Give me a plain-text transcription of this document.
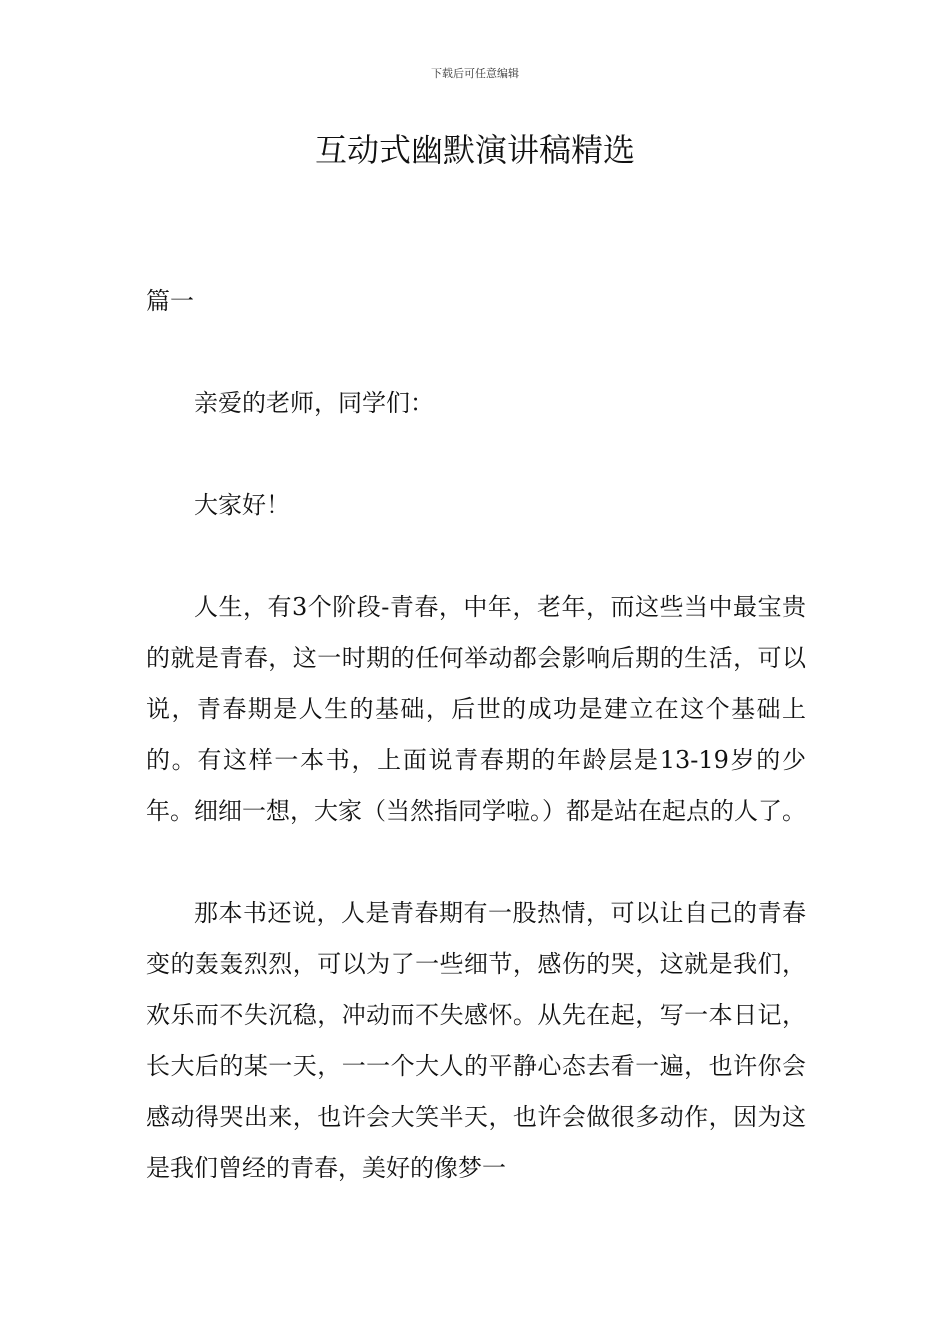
下载后可任意编辑
互动式幽默演讲稿精选

篇一

亲爱的老师，同学们：

大家好！

人生，有3个阶段-青春，中年，老年，而这些当中最宝贵的就是青春，这一时期的任何举动都会影响后期的生活，可以说，青春期是人生的基础，后世的成功是建立在这个基础上的。有这样一本书，上面说青春期的年龄层是13-19岁的少年。细细一想，大家（当然指同学啦。）都是站在起点的人了。

那本书还说，人是青春期有一股热情，可以让自己的青春变的轰轰烈烈，可以为了一些细节，感伤的哭，这就是我们，欢乐而不失沉稳，冲动而不失感怀。从先在起，写一本日记，长大后的某一天，一一个大人的平静心态去看一遍，也许你会感动得哭出来，也许会大笑半天，也许会做很多动作，因为这是我们曾经的青春，美好的像梦一
